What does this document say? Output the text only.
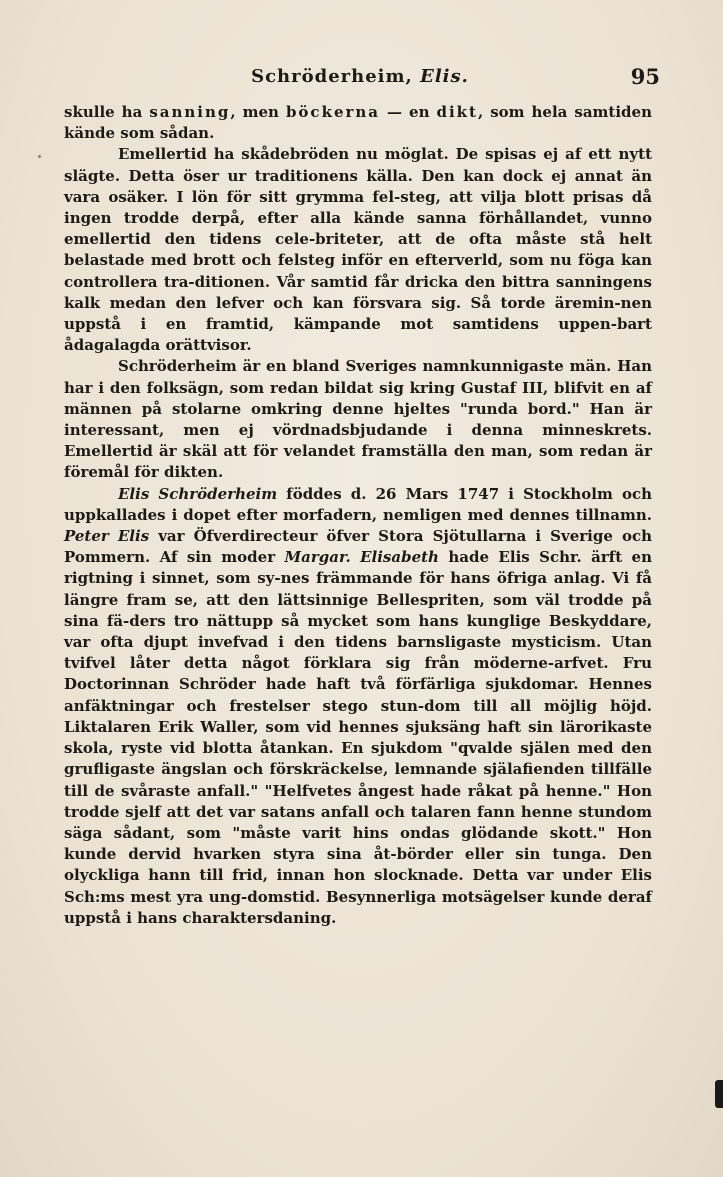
Schröderheim, Elis.	95

skulle ha sanning, men böckerna — en dikt, som hela samtiden kände som sådan.

Emellertid ha skådebröden nu möglat. De spisas ej af ett nytt slägte. Detta öser ur traditionens källa. Den kan dock ej annat än vara osäker. I lön för sitt grymma fel-steg, att vilja blott prisas då ingen trodde derpå, efter alla kände sanna förhållandet, vunno emellertid den tidens cele-briteter, att de ofta måste stå helt belastade med brott och felsteg inför en efterverld, som nu föga kan controllera tra-ditionen. Vår samtid får dricka den bittra sanningens kalk medan den lefver och kan försvara sig. Så torde äremin-nen uppstå i en framtid, kämpande mot samtidens uppen-bart ådagalagda orättvisor.

Schröderheim är en bland Sveriges namnkunnigaste män. Han har i den folksägn, som redan bildat sig kring Gustaf III, blifvit en af männen på stolarne omkring denne hjeltes "runda bord." Han är interessant, men ej vördnadsbjudande i denna minneskrets. Emellertid är skäl att för velandet framställa den man, som redan är föremål för dikten.

Elis Schröderheim föddes d. 26 Mars 1747 i Stockholm och uppkallades i dopet efter morfadern, nemligen med dennes tillnamn. Peter Elis var Öfverdirecteur öfver Stora Sjötullarna i Sverige och Pommern. Af sin moder Margar. Elisabeth hade Elis Schr. ärft en rigtning i sinnet, som sy-nes främmande för hans öfriga anlag. Vi få längre fram se, att den lättsinnige Bellespriten, som väl trodde på sina fä-ders tro nättupp så mycket som hans kunglige Beskyddare, var ofta djupt invefvad i den tidens barnsligaste mysticism. Utan tvifvel låter detta något förklara sig från möderne-arfvet. Fru Doctorinnan Schröder hade haft två förfärliga sjukdomar. Hennes anfäktningar och frestelser stego stun-dom till all möjlig höjd. Liktalaren Erik Waller, som vid hennes sjuksäng haft sin lärorikaste skola, ryste vid blotta åtankan. En sjukdom "qvalde själen med den grufligaste ängslan och förskräckelse, lemnande själafienden tillfälle till de svåraste anfall." "Helfvetes ångest hade råkat på henne." Hon trodde sjelf att det var satans anfall och talaren fann henne stundom säga sådant, som "måste varit hins ondas glödande skott." Hon kunde dervid hvarken styra sina åt-börder eller sin tunga. Den olyckliga hann till frid, innan hon slocknade. Detta var under Elis Sch:ms mest yra ung-domstid. Besynnerliga motsägelser kunde deraf uppstå i hans charaktersdaning.
